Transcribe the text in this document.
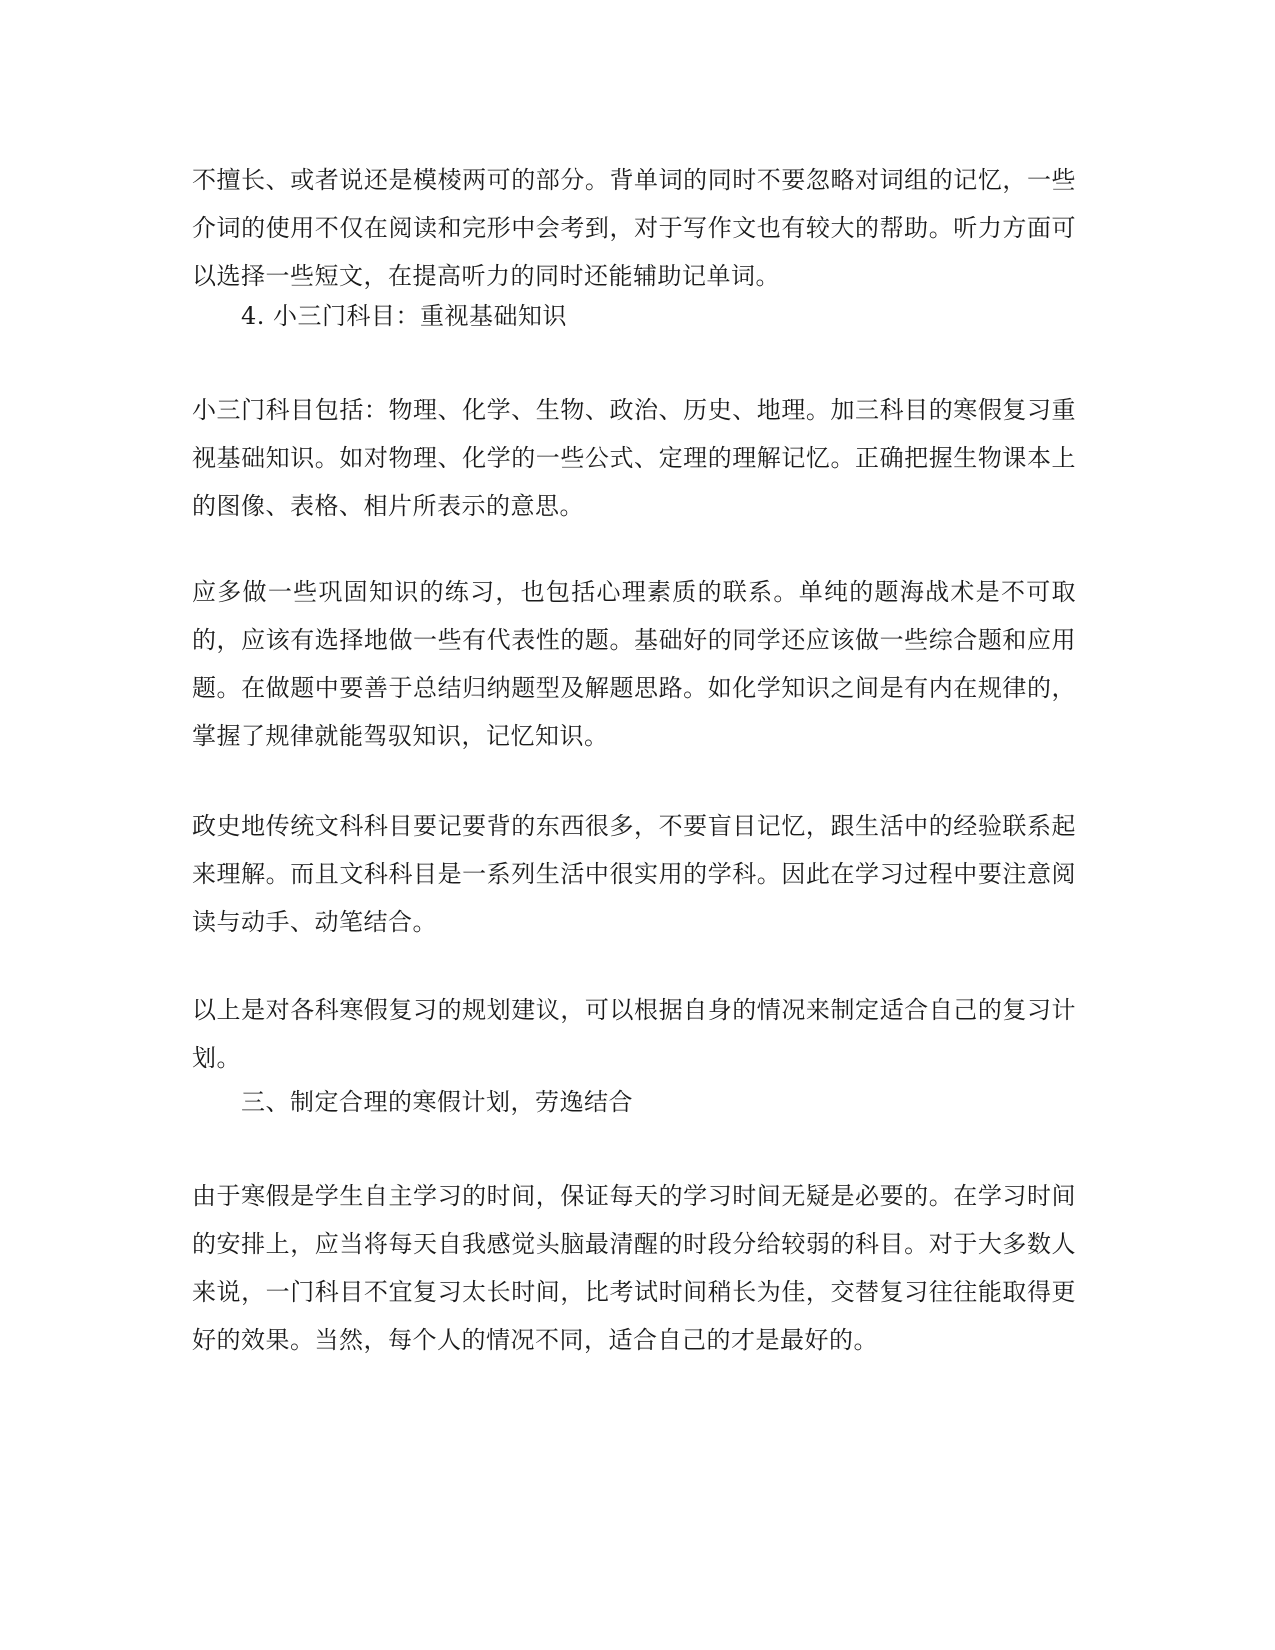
不擅长、或者说还是模棱两可的部分。背单词的同时不要忽略对词组的记忆，一些介词的使用不仅在阅读和完形中会考到，对于写作文也有较大的帮助。听力方面可以选择一些短文，在提高听力的同时还能辅助记单词。

4. 小三门科目：重视基础知识

小三门科目包括：物理、化学、生物、政治、历史、地理。加三科目的寒假复习重视基础知识。如对物理、化学的一些公式、定理的理解记忆。正确把握生物课本上的图像、表格、相片所表示的意思。

应多做一些巩固知识的练习，也包括心理素质的联系。单纯的题海战术是不可取的，应该有选择地做一些有代表性的题。基础好的同学还应该做一些综合题和应用题。在做题中要善于总结归纳题型及解题思路。如化学知识之间是有内在规律的，掌握了规律就能驾驭知识，记忆知识。

政史地传统文科科目要记要背的东西很多，不要盲目记忆，跟生活中的经验联系起来理解。而且文科科目是一系列生活中很实用的学科。因此在学习过程中要注意阅读与动手、动笔结合。

以上是对各科寒假复习的规划建议，可以根据自身的情况来制定适合自己的复习计划。

三、制定合理的寒假计划，劳逸结合

由于寒假是学生自主学习的时间，保证每天的学习时间无疑是必要的。在学习时间的安排上，应当将每天自我感觉头脑最清醒的时段分给较弱的科目。对于大多数人来说，一门科目不宜复习太长时间，比考试时间稍长为佳，交替复习往往能取得更好的效果。当然，每个人的情况不同，适合自己的才是最好的。
